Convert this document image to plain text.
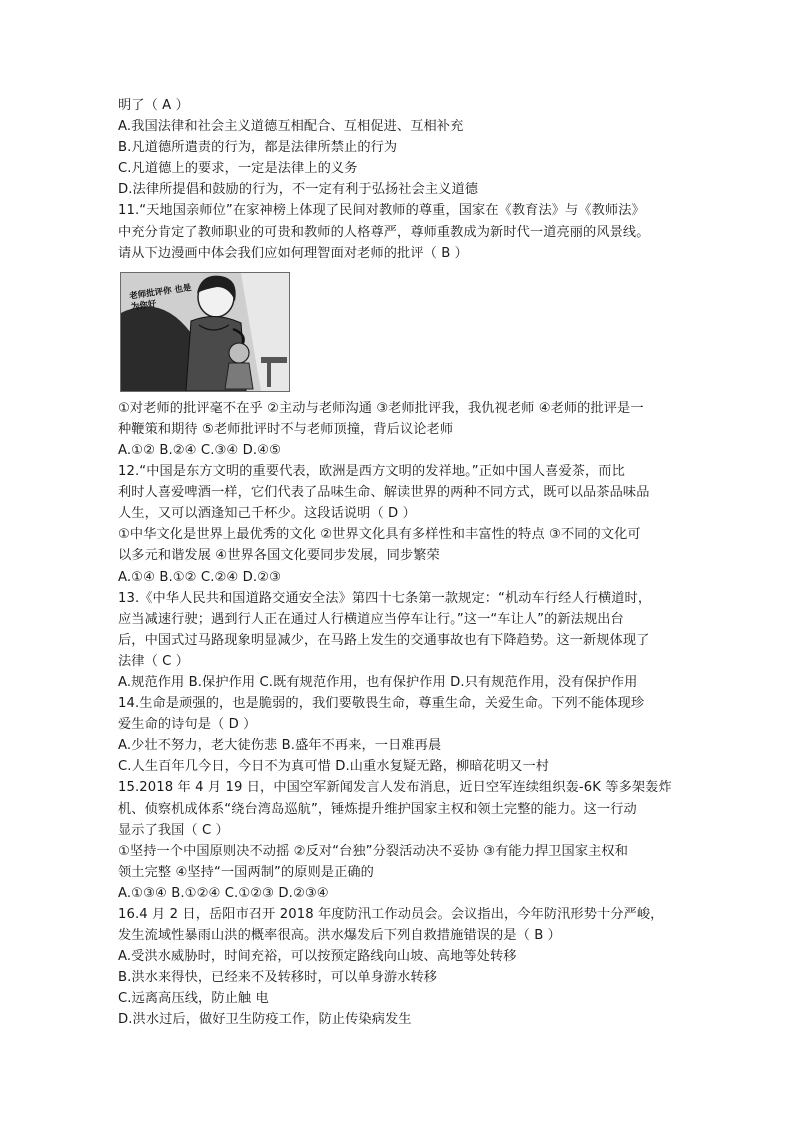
明了（ A ）
A.我国法律和社会主义道德互相配合、互相促进、互相补充
B.凡道德所遣责的行为，都是法律所禁止的行为
C.凡道德上的要求，一定是法律上的义务
D.法律所提倡和鼓励的行为，不一定有利于弘扬社会主义道德
11.“天地国亲师位”在家神榜上体现了民间对教师的尊重，国家在《教育法》与《教师法》
中充分肯定了教师职业的可贵和教师的人格尊严，尊师重教成为新时代一道亮丽的风景线。
请从下边漫画中体会我们应如何理智面对老师的批评（ B ）
老师批评你 也是为你好
①对老师的批评毫不在乎 ②主动与老师沟通 ③老师批评我，我仇视老师 ④老师的批评是一
种鞭策和期待 ⑤老师批评时不与老师顶撞，背后议论老师
A.①② B.②④ C.③④ D.④⑤
12.“中国是东方文明的重要代表，欧洲是西方文明的发祥地。”正如中国人喜爱茶，而比
利时人喜爱啤酒一样，它们代表了品味生命、解读世界的两种不同方式，既可以品茶品味品
人生，又可以酒逢知己千杯少。这段话说明（ D ）
①中华文化是世界上最优秀的文化 ②世界文化具有多样性和丰富性的特点 ③不同的文化可
以多元和谐发展 ④世界各国文化要同步发展，同步繁荣
A.①④ B.①② C.②④ D.②③
13.《中华人民共和国道路交通安全法》第四十七条第一款规定：“机动车行经人行横道时，
应当减速行驶；遇到行人正在通过人行横道应当停车让行。”这一“车让人”的新法规出台
后，中国式过马路现象明显减少，在马路上发生的交通事故也有下降趋势。这一新规体现了
法律（ C ）
A.规范作用 B.保护作用 C.既有规范作用，也有保护作用 D.只有规范作用，没有保护作用
14.生命是顽强的，也是脆弱的，我们要敬畏生命，尊重生命，关爱生命。下列不能体现珍
爱生命的诗句是（ D ）
A.少壮不努力，老大徒伤悲 B.盛年不再来，一日难再晨
C.人生百年几今日，今日不为真可惜 D.山重水复疑无路，柳暗花明又一村
15.2018 年 4 月 19 日，中国空军新闻发言人发布消息，近日空军连续组织轰-6K 等多架轰炸
机、侦察机成体系“绕台湾岛巡航”，锤炼提升维护国家主权和领土完整的能力。这一行动
显示了我国（ C ）
①坚持一个中国原则决不动摇 ②反对“台独”分裂活动决不妥协 ③有能力捍卫国家主权和
领土完整 ④坚持“一国两制”的原则是正确的
A.①③④ B.①②④ C.①②③ D.②③④
16.4 月 2 日，岳阳市召开 2018 年度防汛工作动员会。会议指出，今年防汛形势十分严峻，
发生流域性暴雨山洪的概率很高。洪水爆发后下列自救措施错误的是（ B ）
A.受洪水威胁时，时间充裕，可以按预定路线向山坡、高地等处转移
B.洪水来得快，已经来不及转移时，可以单身游水转移
C.远离高压线，防止触 电
D.洪水过后，做好卫生防疫工作，防止传染病发生
